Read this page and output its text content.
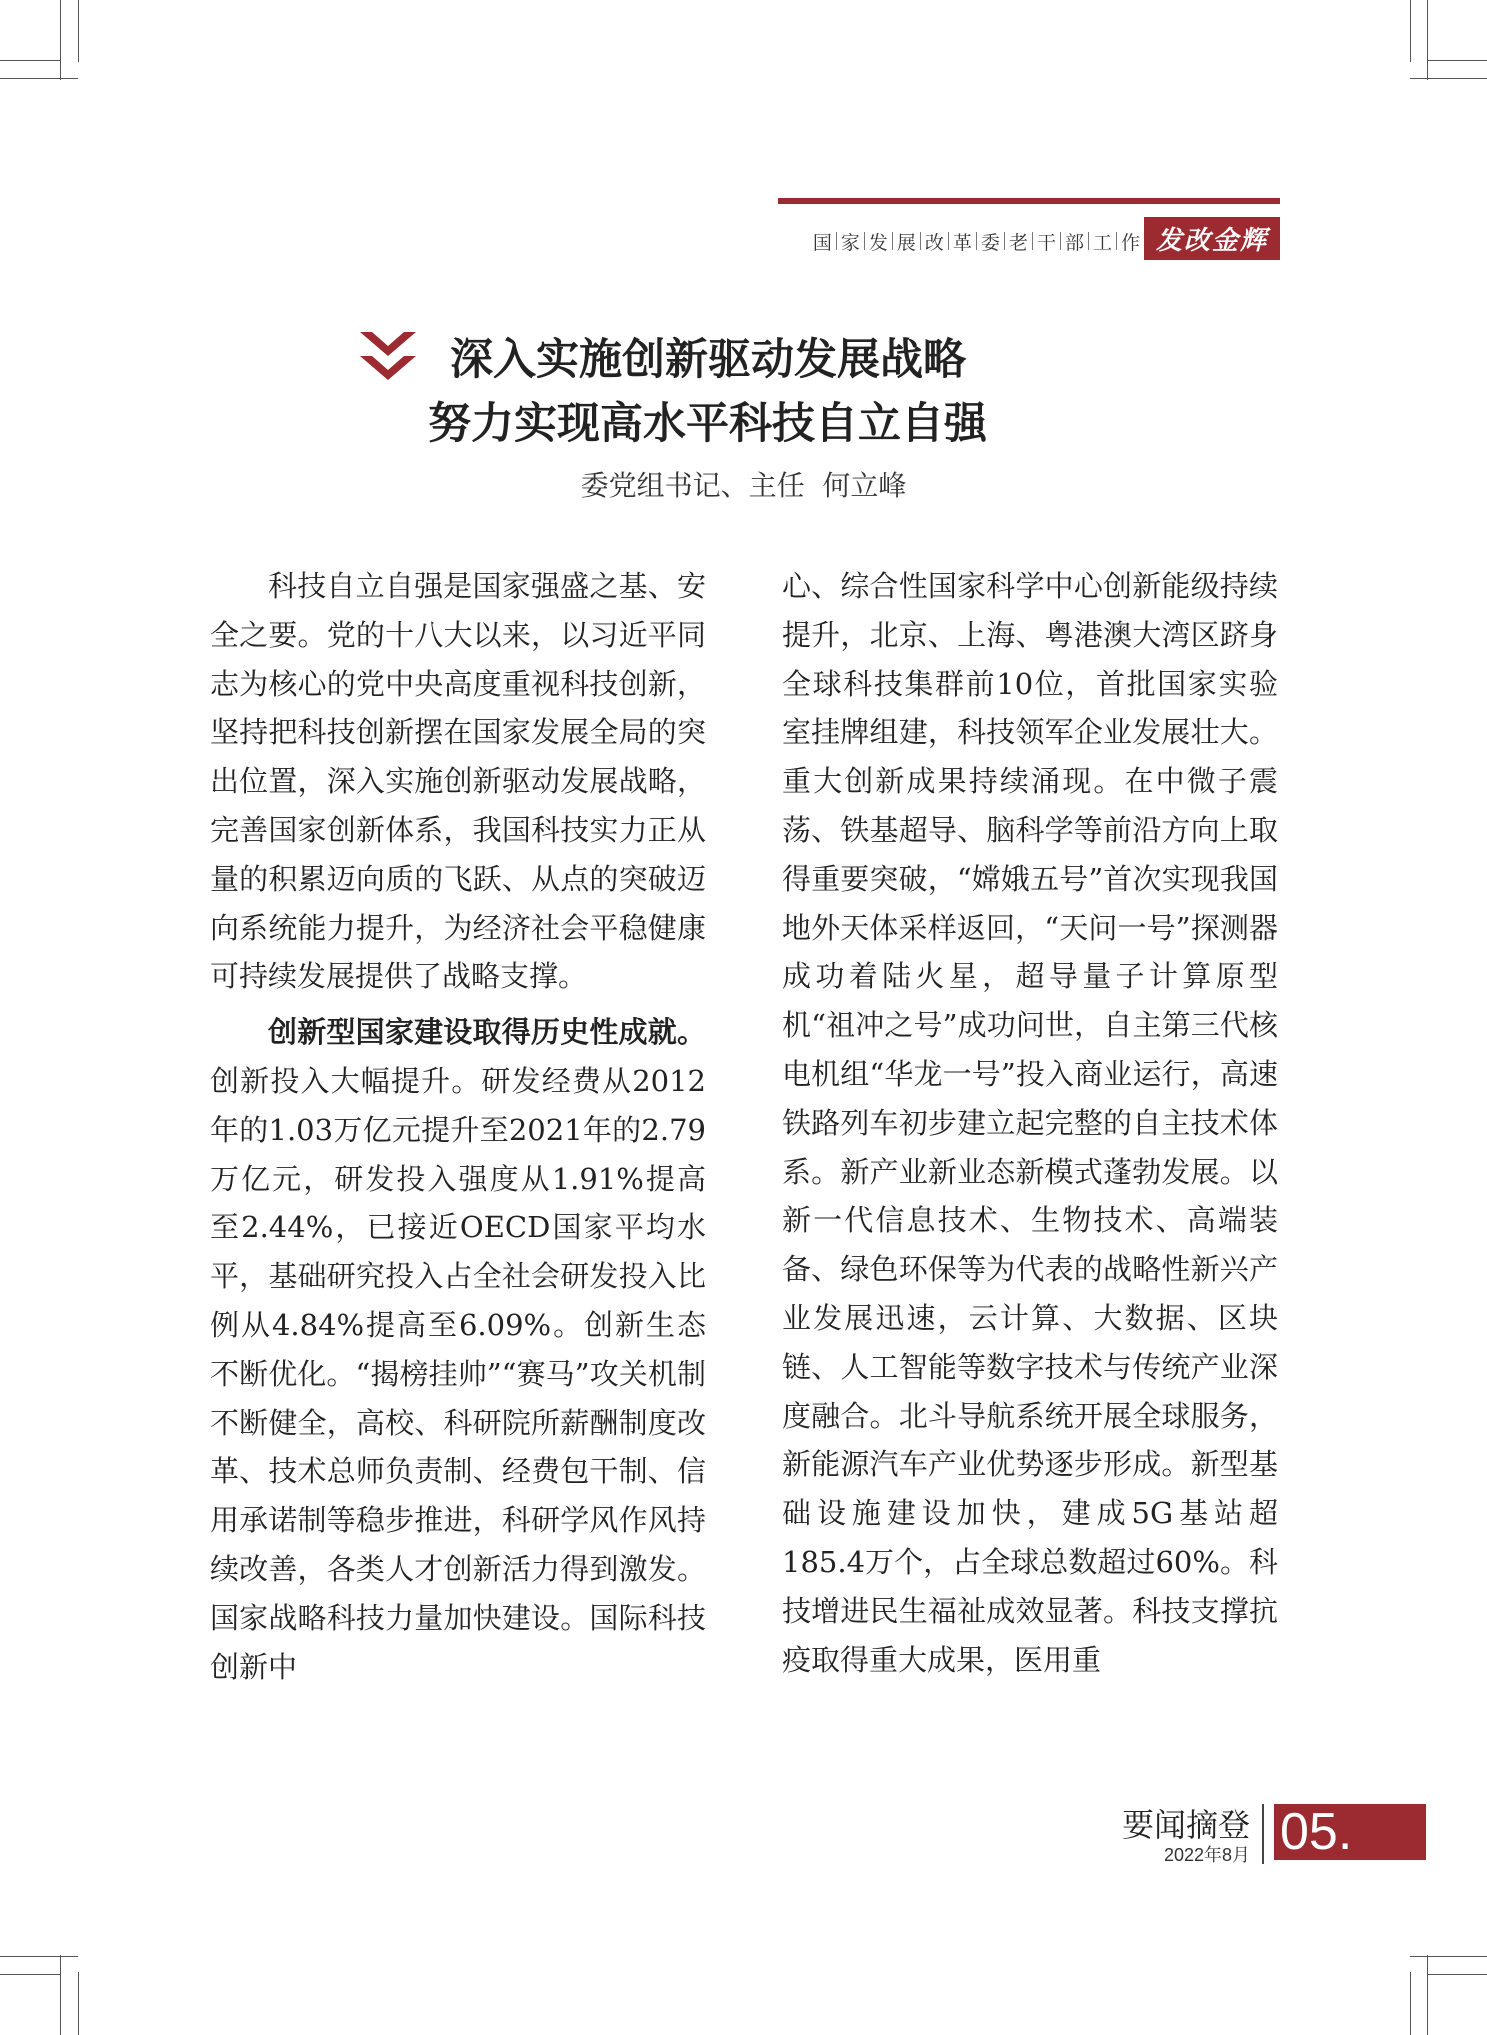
国 家 发 展 改 革 委 老 干 部 工 作 发改金辉
深入实施创新驱动发展战略
努力实现高水平科技自立自强
委党组书记、主任  何立峰

科技自立自强是国家强盛之基、安全之要。党的十八大以来，以习近平同志为核心的党中央高度重视科技创新，坚持把科技创新摆在国家发展全局的突出位置，深入实施创新驱动发展战略，完善国家创新体系，我国科技实力正从量的积累迈向质的飞跃、从点的突破迈向系统能力提升，为经济社会平稳健康可持续发展提供了战略支撑。

创新型国家建设取得历史性成就。创新投入大幅提升。研发经费从2012年的1.03万亿元提升至2021年的2.79万亿元，研发投入强度从1.91%提高至2.44%，已接近OECD国家平均水平，基础研究投入占全社会研发投入比例从4.84%提高至6.09%。创新生态不断优化。“揭榜挂帅”“赛马”攻关机制不断健全，高校、科研院所薪酬制度改革、技术总师负责制、经费包干制、信用承诺制等稳步推进，科研学风作风持续改善，各类人才创新活力得到激发。国家战略科技力量加快建设。国际科技创新中

心、综合性国家科学中心创新能级持续提升，北京、上海、粤港澳大湾区跻身全球科技集群前10位，首批国家实验室挂牌组建，科技领军企业发展壮大。重大创新成果持续涌现。在中微子震荡、铁基超导、脑科学等前沿方向上取得重要突破，“嫦娥五号”首次实现我国地外天体采样返回，“天问一号”探测器成功着陆火星，超导量子计算原型机“祖冲之号”成功问世，自主第三代核电机组“华龙一号”投入商业运行，高速铁路列车初步建立起完整的自主技术体系。新产业新业态新模式蓬勃发展。以新一代信息技术、生物技术、高端装备、绿色环保等为代表的战略性新兴产业发展迅速，云计算、大数据、区块链、人工智能等数字技术与传统产业深度融合。北斗导航系统开展全球服务，新能源汽车产业优势逐步形成。新型基础设施建设加快，建成5G基站超185.4万个，占全球总数超过60%。科技增进民生福祉成效显著。科技支撑抗疫取得重大成果，医用重

要闻摘登
2022年8月 05.
